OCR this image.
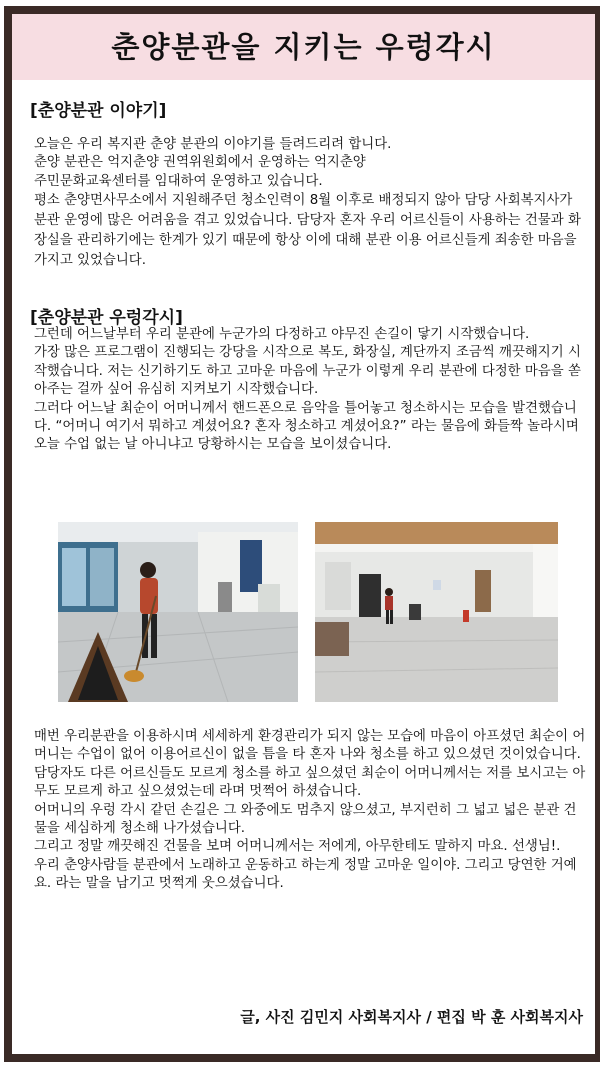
춘양분관을 지키는 우렁각시
[춘양분관 이야기]

오늘은 우리 복지관 춘양 분관의 이야기를 들려드리려 합니다.

춘양 분관은 억지춘양 권역위원회에서 운영하는 억지춘양

주민문화교육센터를 임대하여 운영하고 있습니다.

평소 춘양면사무소에서 지원해주던 청소인력이 8월 이후로 배정되지 않아 담당 사회복지사가 분관 운영에 많은 어려움을 겪고 있었습니다. 담당자 혼자 우리 어르신들이 사용하는 건물과 화장실을 관리하기에는 한계가 있기 때문에 항상 이에 대해 분관 이용 어르신들게 죄송한 마음을 가지고 있었습니다.

[춘양분관 우렁각시]

그런데 어느날부터 우리 분관에 누군가의 다정하고 야무진 손길이 닿기 시작했습니다.

가장 많은 프로그램이 진행되는 강당을 시작으로 복도, 화장실, 계단까지 조금씩 깨끗해지기 시작했습니다. 저는 신기하기도 하고 고마운 마음에 누군가 이렇게 우리 분관에 다정한 마음을 쏟아주는 걸까 싶어 유심히 지켜보기 시작했습니다.

그러다 어느날 최순이 어머니께서 핸드폰으로 음악을 틀어놓고 청소하시는 모습을 발견했습니다. “어머니 여기서 뭐하고 계셨어요? 혼자 청소하고 계셨어요?” 라는 물음에 화들짝 놀라시며 오늘 수업 없는 날 아니냐고 당황하시는 모습을 보이셨습니다.

매번 우리분관을 이용하시며 세세하게 환경관리가 되지 않는 모습에 마음이 아프셨던 최순이 어머니는 수업이 없어 이용어르신이 없을 틈을 타 혼자 나와 청소를 하고 있으셨던 것이었습니다. 담당자도 다른 어르신들도 모르게 청소를 하고 싶으셨던 최순이 어머니께서는 저를 보시고는 아무도 모르게 하고 싶으셨었는데 라며 멋쩍어 하셨습니다.

어머니의 우렁 각시 같던 손길은 그 와중에도 멈추지 않으셨고, 부지런히 그 넓고 넓은 분관 건물을 세심하게 청소해 나가셨습니다.

그리고 정말 깨끗해진 건물을 보며 어머니께서는 저에게, 아무한테도 말하지 마요. 선생님!.

우리 춘양사람들 분관에서 노래하고 운동하고 하는게 정말 고마운 일이야. 그리고 당연한 거예요. 라는 말을 남기고 멋쩍게 웃으셨습니다.

글, 사진 김민지 사회복지사 / 편집 박 훈 사회복지사
